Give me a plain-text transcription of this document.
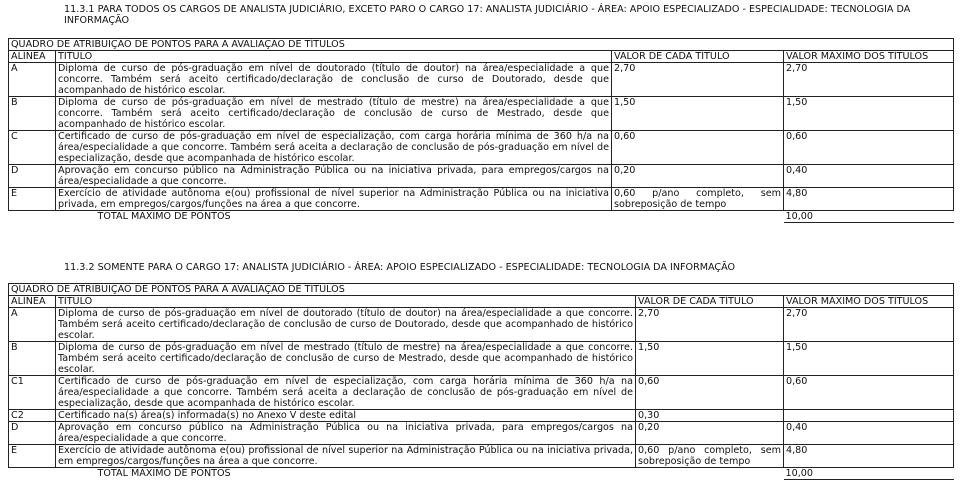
11.3.1 PARA TODOS OS CARGOS DE ANALISTA JUDICIÁRIO, EXCETO PARO O CARGO 17: ANALISTA JUDICIÁRIO - ÁREA: APOIO ESPECIALIZADO - ESPECIALIDADE: TECNOLOGIA DA INFORMAÇÃO
QUADRO DE ATRIBUIÇÃO DE PONTOS PARA A AVALIAÇÃO DE TÍTULOS			
ALÍNEA	TÍTULO	VALOR DE CADA TÍTULO	VALOR MÁXIMO DOS TÍTULOS
A	Diploma de curso de pós-graduação em nível de doutorado (título de doutor) na área/especialidade a que concorre. Também será aceito certificado/declaração de conclusão de curso de Doutorado, desde que acompanhado de histórico escolar.	2,70	2,70
B	Diploma de curso de pós-graduação em nível de mestrado (título de mestre) na área/especialidade a que concorre. Também será aceito certificado/declaração de conclusão de curso de Mestrado, desde que acompanhado de histórico escolar.	1,50	1,50
C	Certificado de curso de pós-graduação em nível de especialização, com carga horária mínima de 360 h/a na área/especialidade a que concorre. Também será aceita a declaração de conclusão de pós-graduação em nível de especialização, desde que acompanhada de histórico escolar.	0,60	0,60
D	Aprovação em concurso público na Administração Pública ou na iniciativa privada, para empregos/cargos na área/especialidade a que concorre.	0,20	0,40
E	Exercício de atividade autônoma e(ou) profissional de nível superior na Administração Pública ou na iniciativa privada, em empregos/cargos/funções na área a que concorre.	0,60 p/ano completo, sem sobreposição de tempo	4,80
	TOTAL MÁXIMO DE PONTOS		10,00
11.3.2 SOMENTE PARA O CARGO 17: ANALISTA JUDICIÁRIO - ÁREA: APOIO ESPECIALIZADO - ESPECIALIDADE: TECNOLOGIA DA INFORMAÇÃO
QUADRO DE ATRIBUIÇÃO DE PONTOS PARA A AVALIAÇÃO DE TÍTULOS			
ALÍNEA	TÍTULO	VALOR DE CADA TÍTULO	VALOR MÁXIMO DOS TÍTULOS
A	Diploma de curso de pós-graduação em nível de doutorado (título de doutor) na área/especialidade a que concorre. Também será aceito certificado/declaração de conclusão de curso de Doutorado, desde que acompanhado de histórico escolar.	2,70	2,70
B	Diploma de curso de pós-graduação em nível de mestrado (título de mestre) na área/especialidade a que concorre. Também será aceito certificado/declaração de conclusão de curso de Mestrado, desde que acompanhado de histórico escolar.	1,50	1,50
C1	Certificado de curso de pós-graduação em nível de especialização, com carga horária mínima de 360 h/a na área/especialidade a que concorre. Também será aceita a declaração de conclusão de pós-graduação em nível de especialização, desde que acompanhada de histórico escolar.	0,60	0,60
C2	Certificado na(s) área(s) informada(s) no Anexo V deste edital	0,30	
D	Aprovação em concurso público na Administração Pública ou na iniciativa privada, para empregos/cargos na área/especialidade a que concorre.	0,20	0,40
E	Exercício de atividade autônoma e(ou) profissional de nível superior na Administração Pública ou na iniciativa privada, em empregos/cargos/funções na área a que concorre.	0,60 p/ano completo, sem sobreposição de tempo	4,80
	TOTAL MÁXIMO DE PONTOS		10,00
